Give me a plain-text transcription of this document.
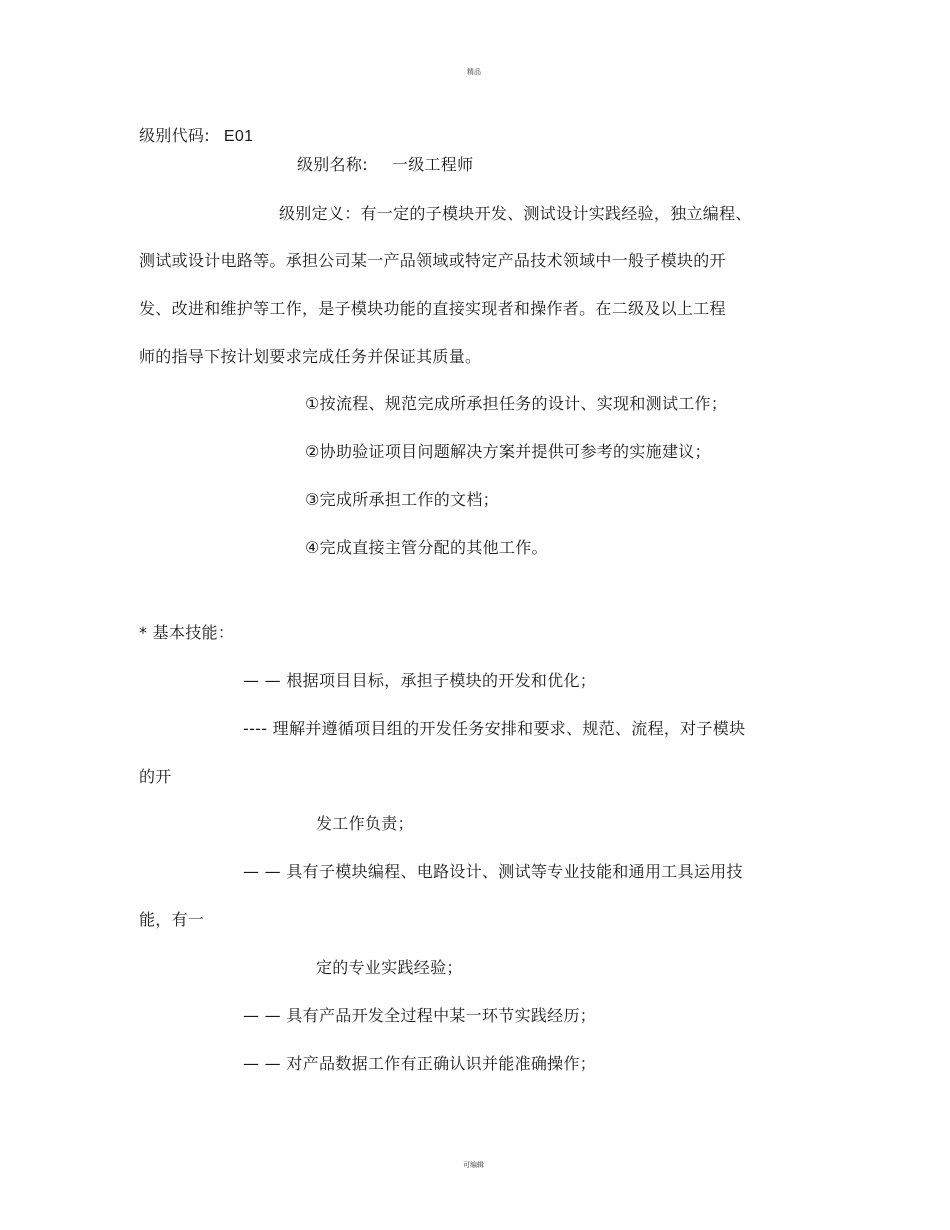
精品
级别代码: E01
级别名称: 一级工程师
级别定义：有一定的子模块开发、测试设计实践经验，独立编程、
测试或设计电路等。承担公司某一产品领域或特定产品技术领域中一般子模块的开
发、改进和维护等工作，是子模块功能的直接实现者和操作者。在二级及以上工程
师的指导下按计划要求完成任务并保证其质量。
①按流程、规范完成所承担任务的设计、实现和测试工作；
②协助验证项目问题解决方案并提供可参考的实施建议；
③完成所承担工作的文档；
④完成直接主管分配的其他工作。
* 基本技能：
— — 根据项目目标，承担子模块的开发和优化；
---- 理解并遵循项目组的开发任务安排和要求、规范、流程，对子模块
的开
发工作负责；
— — 具有子模块编程、电路设计、测试等专业技能和通用工具运用技
能，有一
定的专业实践经验；
— — 具有产品开发全过程中某一环节实践经历；
— — 对产品数据工作有正确认识并能准确操作；
可编辑
